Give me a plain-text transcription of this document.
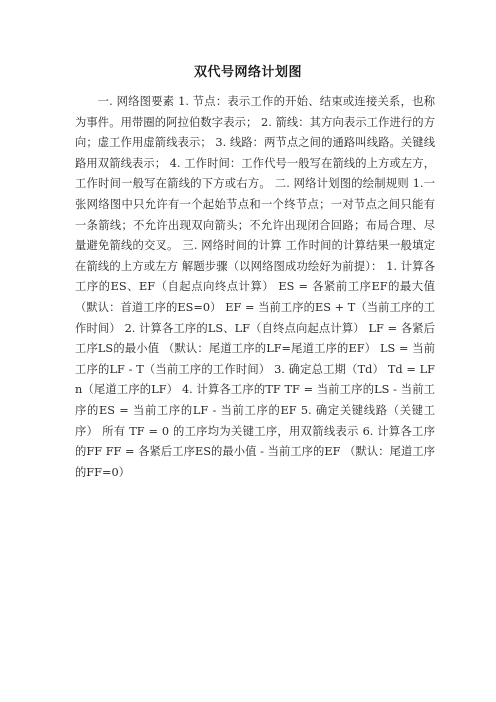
双代号网络计划图

一. 网络图要素 1. 节点：表示工作的开始、结束或连接关系，也称为事件。用带圈的阿拉伯数字表示； 2. 箭线：其方向表示工作进行的方向；虚工作用虚箭线表示； 3. 线路：两节点之间的通路叫线路。关键线路用双箭线表示； 4. 工作时间：工作代号一般写在箭线的上方或左方，工作时间一般写在箭线的下方或右方。 二. 网络计划图的绘制规则 1.一张网络图中只允许有一个起始节点和一个终节点；一对节点之间只能有一条箭线；不允许出现双向箭头；不允许出现闭合回路；布局合理、尽量避免箭线的交叉。 三. 网络时间的计算 工作时间的计算结果一般填定在箭线的上方或左方 解题步骤（以网络图成功绘好为前提）： 1. 计算各工序的ES、EF（自起点向终点计算） ES = 各紧前工序EF的最大值 （默认：首道工序的ES=0） EF = 当前工序的ES + T（当前工序的工作时间） 2. 计算各工序的LS、LF（自终点向起点计算） LF = 各紧后工序LS的最小值 （默认：尾道工序的LF=尾道工序的EF） LS = 当前工序的LF - T（当前工序的工作时间） 3. 确定总工期（Td） Td = LFn（尾道工序的LF） 4. 计算各工序的TF TF = 当前工序的LS - 当前工序的ES = 当前工序的LF - 当前工序的EF 5. 确定关键线路（关键工序） 所有 TF = 0 的工序均为关键工序，用双箭线表示 6. 计算各工序的FF FF = 各紧后工序ES的最小值 - 当前工序的EF （默认：尾道工序的FF=0）
